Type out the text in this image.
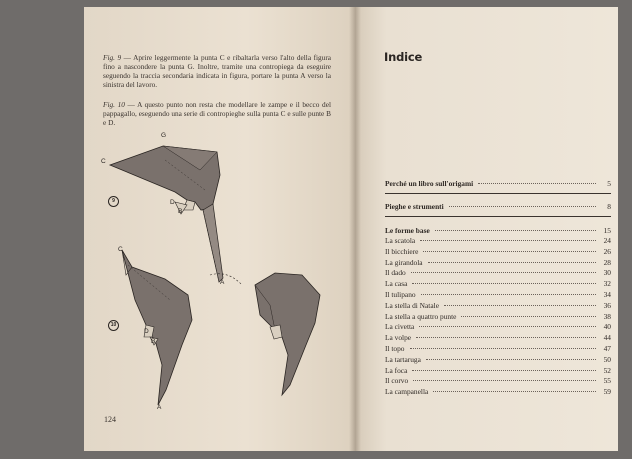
Fig. 9 — Aprire leggermente la punta C e ribaltarla verso l'alto della figura fino a nascondere la punta G. Inoltre, tramite una contropiega da eseguire seguendo la traccia secondaria indicata in figura, portare la punta A verso la sinistra del lavoro.
Fig. 10 — A questo punto non resta che modellare le zampe e il becco del pappagallo, eseguendo una serie di contropieghe sulla punta C e sulle punte B e D.
G
C
D
B
A
9
C
D
B
A
10
124
Indice
Perché un libro sull'origami	5
Pieghe e strumenti	8
Le forme base	15
La scatola	24
Il bicchiere	26
La girandola	28
Il dado	30
La casa	32
Il tulipano	34
La stella di Natale	36
La stella a quattro punte	38
La civetta	40
La volpe	44
Il topo	47
La tartaruga	50
La foca	52
Il corvo	55
La campanella	59
